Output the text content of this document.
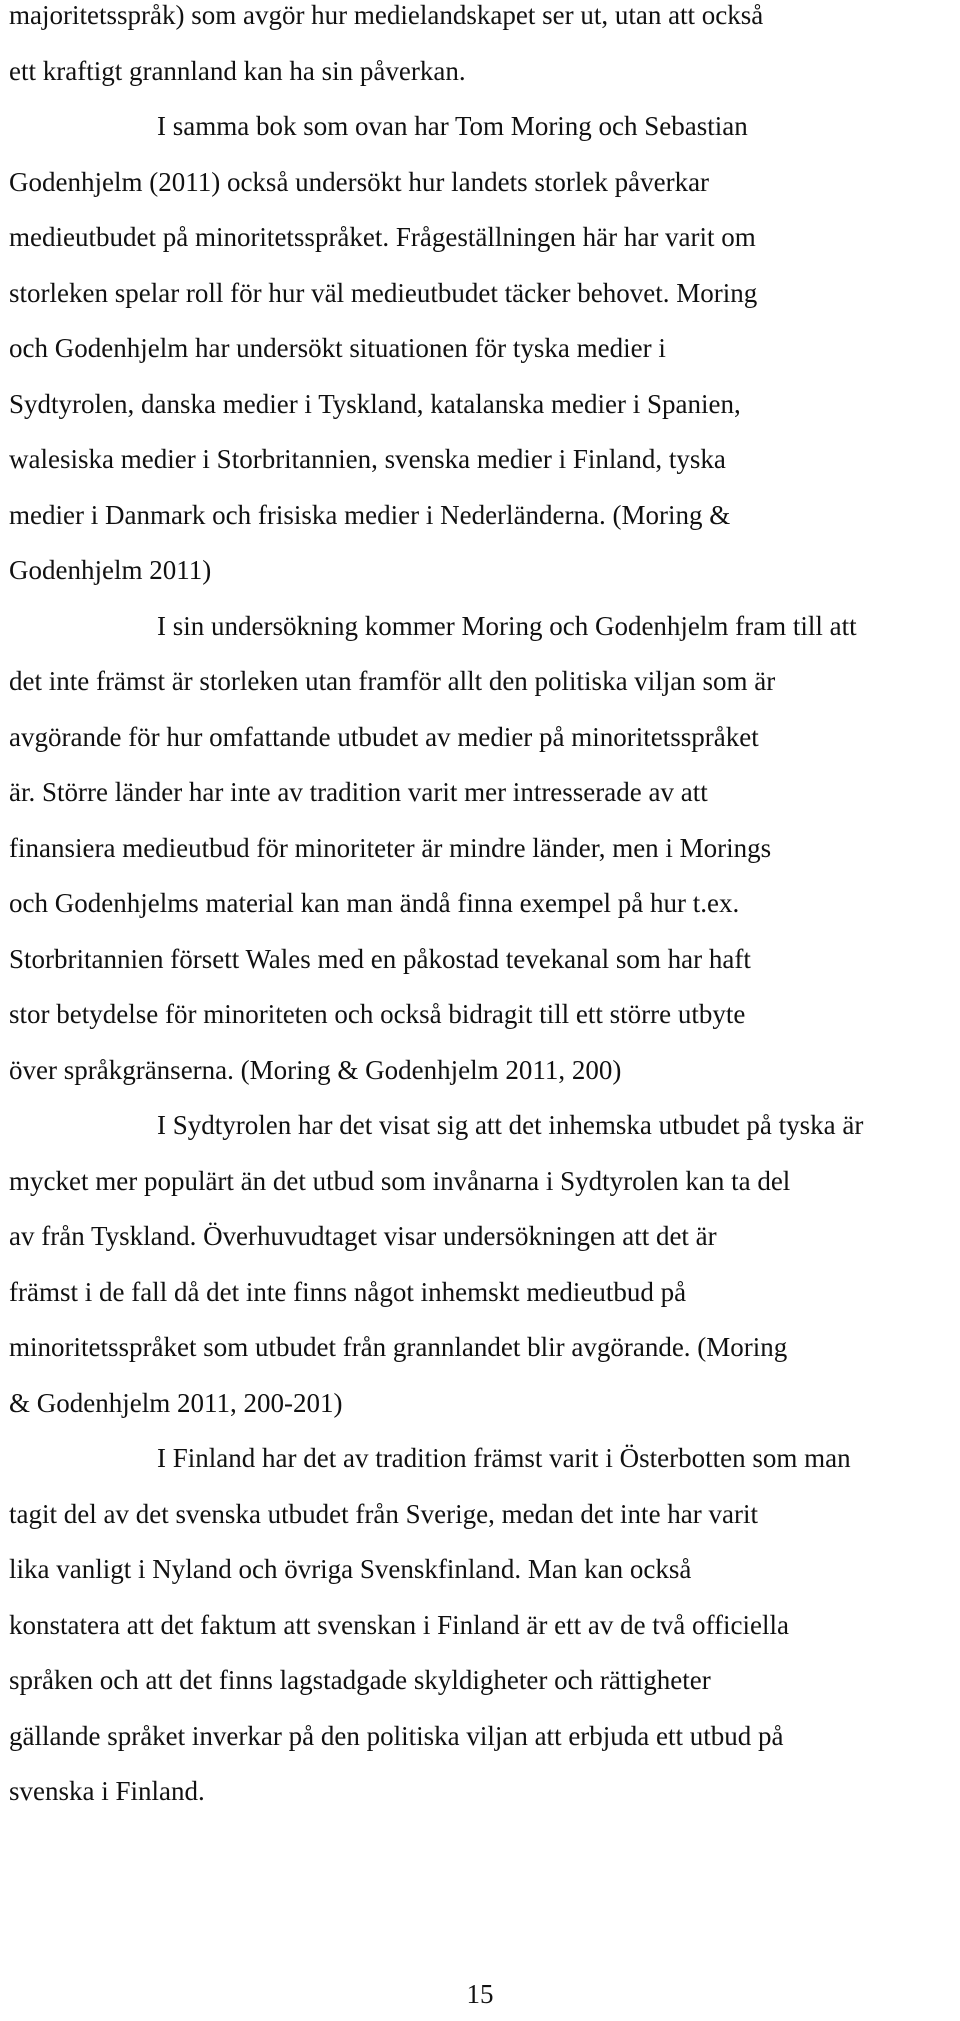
majoritetsspråk) som avgör hur medielandskapet ser ut, utan att också
ett kraftigt grannland kan ha sin påverkan.

I samma bok som ovan har Tom Moring och Sebastian
Godenhjelm (2011) också undersökt hur landets storlek påverkar
medieutbudet på minoritetsspråket. Frågeställningen här har varit om
storleken spelar roll för hur väl medieutbudet täcker behovet. Moring
och Godenhjelm har undersökt situationen för tyska medier i
Sydtyrolen, danska medier i Tyskland, katalanska medier i Spanien,
walesiska medier i Storbritannien, svenska medier i Finland, tyska
medier i Danmark och frisiska medier i Nederländerna. (Moring &
Godenhjelm 2011)

I sin undersökning kommer Moring och Godenhjelm fram till att
det inte främst är storleken utan framför allt den politiska viljan som är
avgörande för hur omfattande utbudet av medier på minoritetsspråket
är. Större länder har inte av tradition varit mer intresserade av att
finansiera medieutbud för minoriteter är mindre länder, men i Morings
och Godenhjelms material kan man ändå finna exempel på hur t.ex.
Storbritannien försett Wales med en påkostad tevekanal som har haft
stor betydelse för minoriteten och också bidragit till ett större utbyte
över språkgränserna. (Moring & Godenhjelm 2011, 200)

I Sydtyrolen har det visat sig att det inhemska utbudet på tyska är
mycket mer populärt än det utbud som invånarna i Sydtyrolen kan ta del
av från Tyskland. Överhuvudtaget visar undersökningen att det är
främst i de fall då det inte finns något inhemskt medieutbud på
minoritetsspråket som utbudet från grannlandet blir avgörande. (Moring
& Godenhjelm 2011, 200-201)

I Finland har det av tradition främst varit i Österbotten som man
tagit del av det svenska utbudet från Sverige, medan det inte har varit
lika vanligt i Nyland och övriga Svenskfinland. Man kan också
konstatera att det faktum att svenskan i Finland är ett av de två officiella
språken och att det finns lagstadgade skyldigheter och rättigheter
gällande språket inverkar på den politiska viljan att erbjuda ett utbud på
svenska i Finland.

15
